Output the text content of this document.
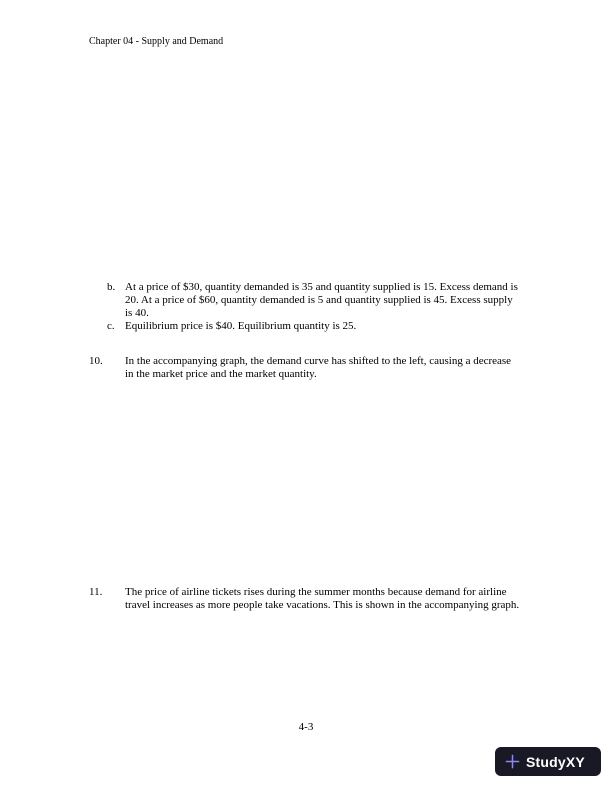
Chapter 04 - Supply and Demand
b. At a price of $30, quantity demanded is 35 and quantity supplied is 15. Excess demand is 20. At a price of $60, quantity demanded is 5 and quantity supplied is 45. Excess supply is 40.
c. Equilibrium price is $40. Equilibrium quantity is 25.
10.	In the accompanying graph, the demand curve has shifted to the left, causing a decrease in the market price and the market quantity.
11.	The price of airline tickets rises during the summer months because demand for airline travel increases as more people take vacations. This is shown in the accompanying graph.
4-3
StudyXY
